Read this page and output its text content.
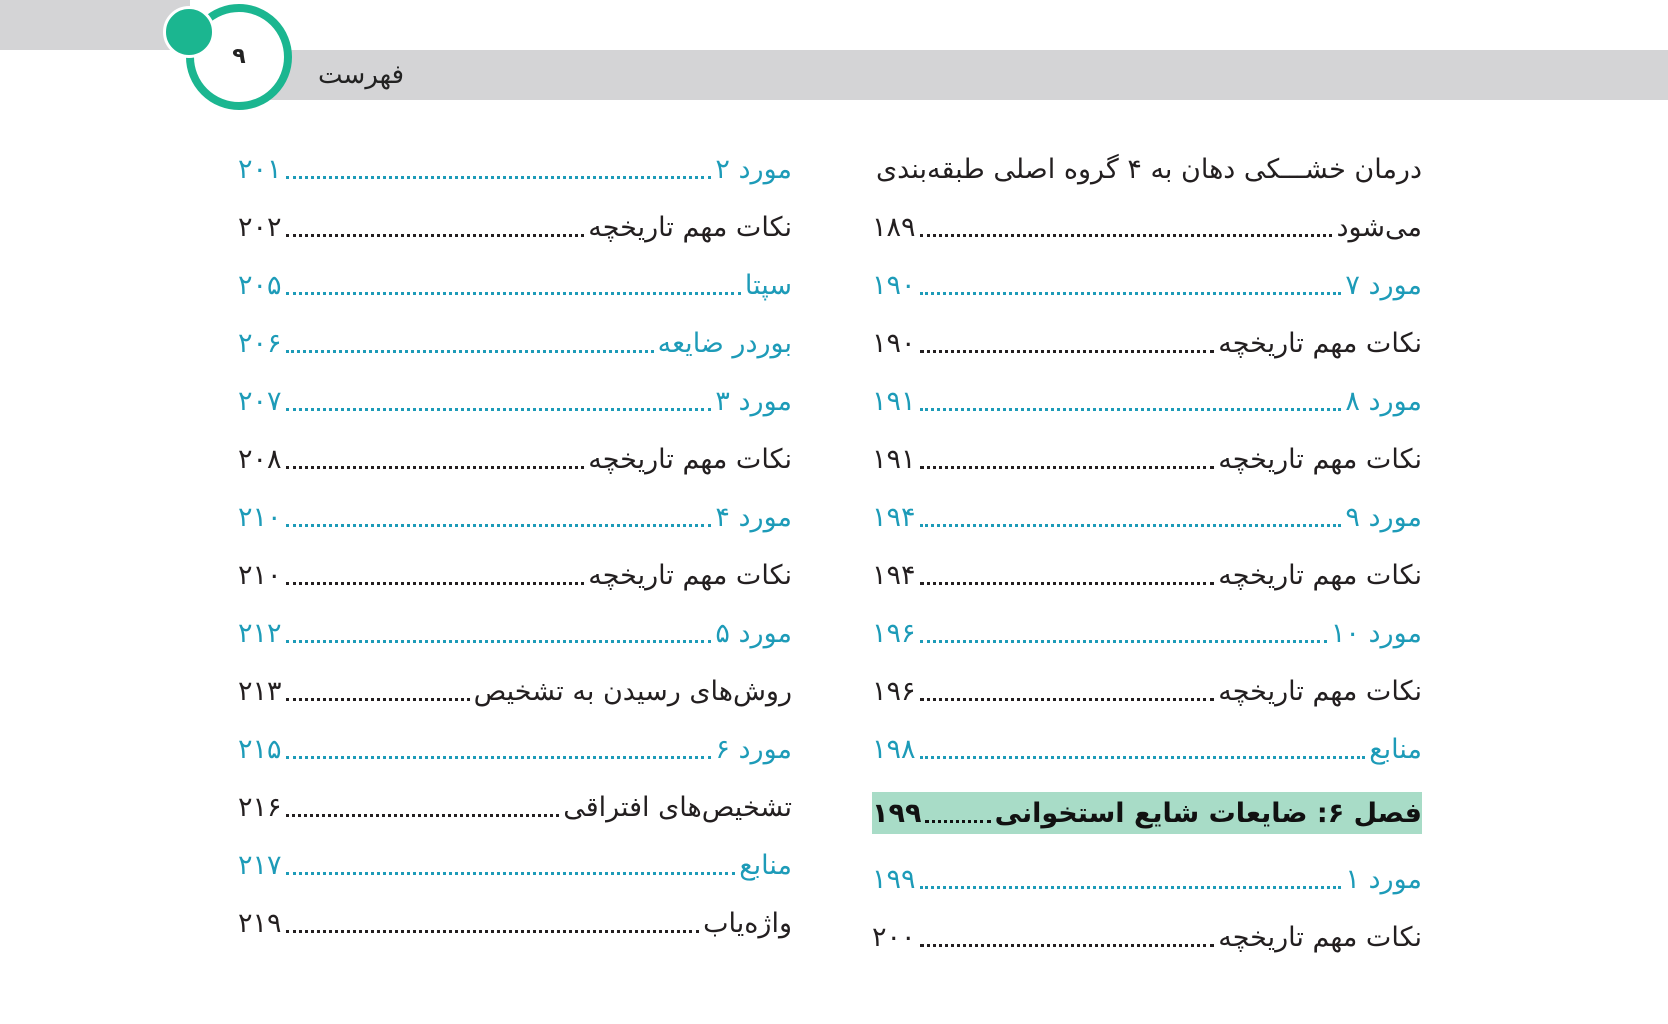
فهرست
۹
درمان خشـــکی دهان به ۴ گروه اصلی طبقه‌بندی
می‌شود
۱۸۹
مورد ۷
۱۹۰
نکات مهم تاریخچه
۱۹۰
مورد ۸
۱۹۱
نکات مهم تاریخچه
۱۹۱
مورد ۹
۱۹۴
نکات مهم تاریخچه
۱۹۴
مورد ۱۰
۱۹۶
نکات مهم تاریخچه
۱۹۶
منابع
۱۹۸
فصل ۶: ضایعات شایع استخوانی
۱۹۹
مورد ۱
۱۹۹
نکات مهم تاریخچه
۲۰۰
مورد ۲
۲۰۱
نکات مهم تاریخچه
۲۰۲
سپتا
۲۰۵
بوردر ضایعه
۲۰۶
مورد ۳
۲۰۷
نکات مهم تاریخچه
۲۰۸
مورد ۴
۲۱۰
نکات مهم تاریخچه
۲۱۰
مورد ۵
۲۱۲
روش‌های رسیدن به تشخیص
۲۱۳
مورد ۶
۲۱۵
تشخیص‌های افتراقی
۲۱۶
منابع
۲۱۷
واژه‌یاب
۲۱۹
